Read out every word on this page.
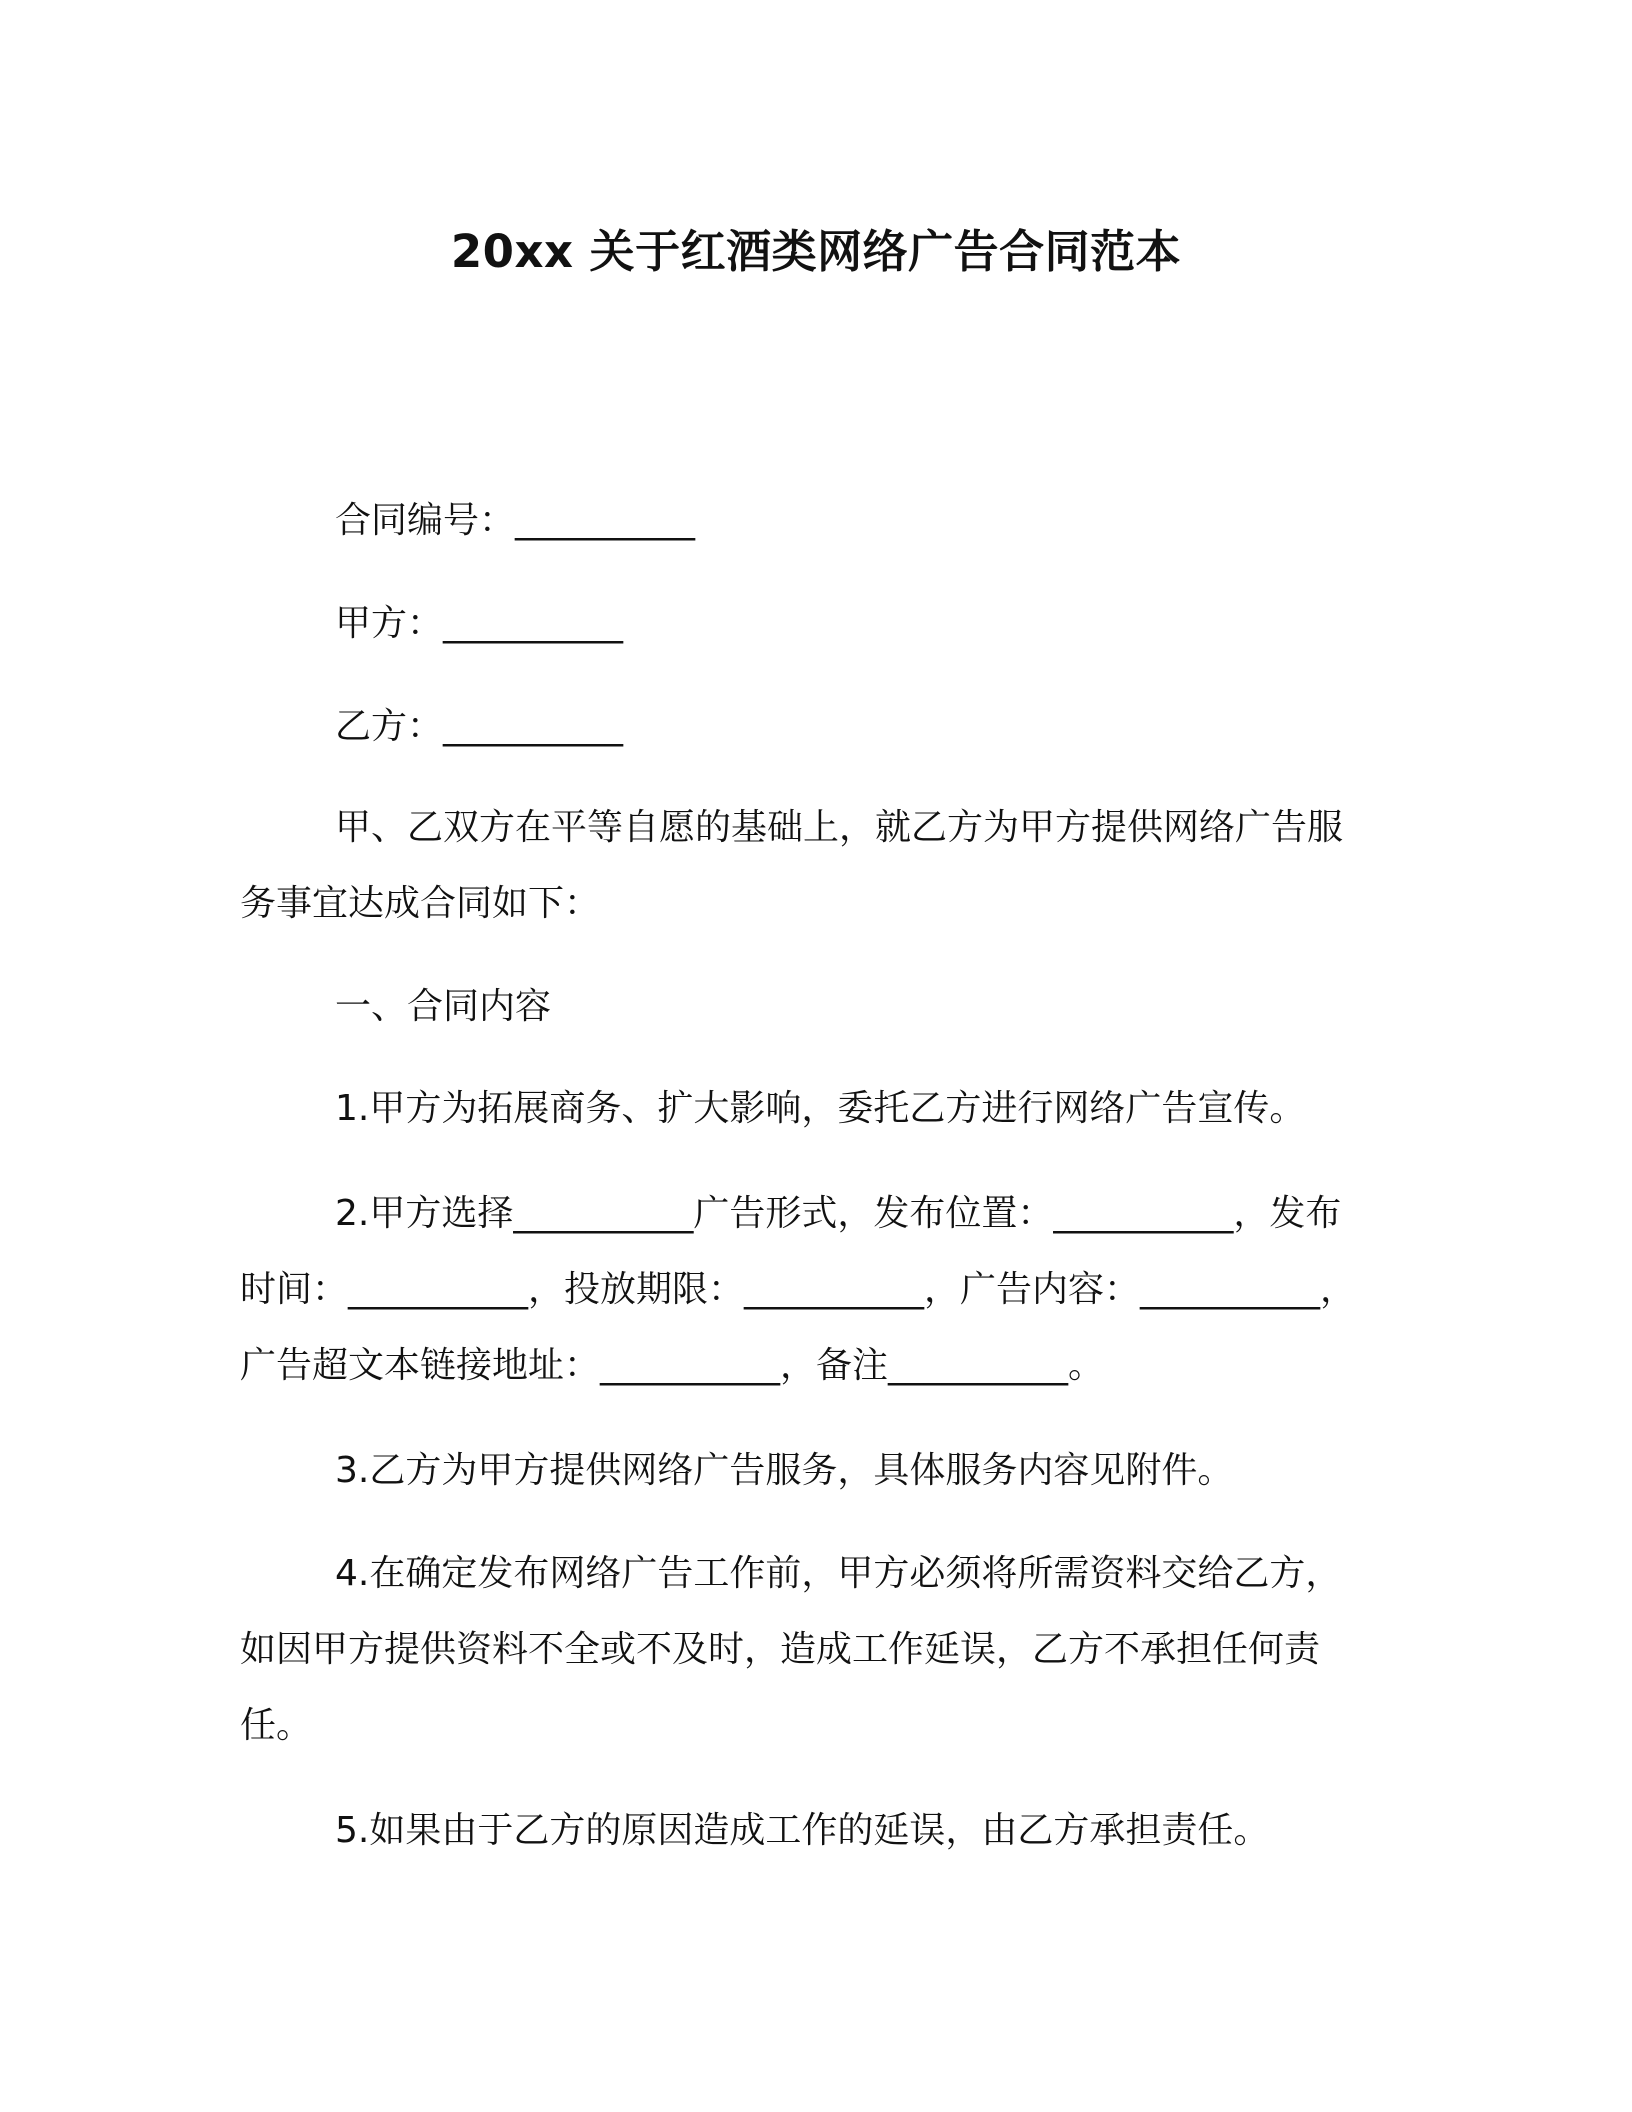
20xx 关于红酒类网络广告合同范本
合同编号：__________
甲方：__________
乙方：__________
甲、乙双方在平等自愿的基础上，就乙方为甲方提供网络广告服
务事宜达成合同如下：
一、合同内容
1.甲方为拓展商务、扩大影响，委托乙方进行网络广告宣传。
2.甲方选择__________广告形式，发布位置：__________，发布
时间：__________，投放期限：__________，广告内容：__________，
广告超文本链接地址：__________，备注__________。
3.乙方为甲方提供网络广告服务，具体服务内容见附件。
4.在确定发布网络广告工作前，甲方必须将所需资料交给乙方，
如因甲方提供资料不全或不及时，造成工作延误，乙方不承担任何责
任。
5.如果由于乙方的原因造成工作的延误，由乙方承担责任。
